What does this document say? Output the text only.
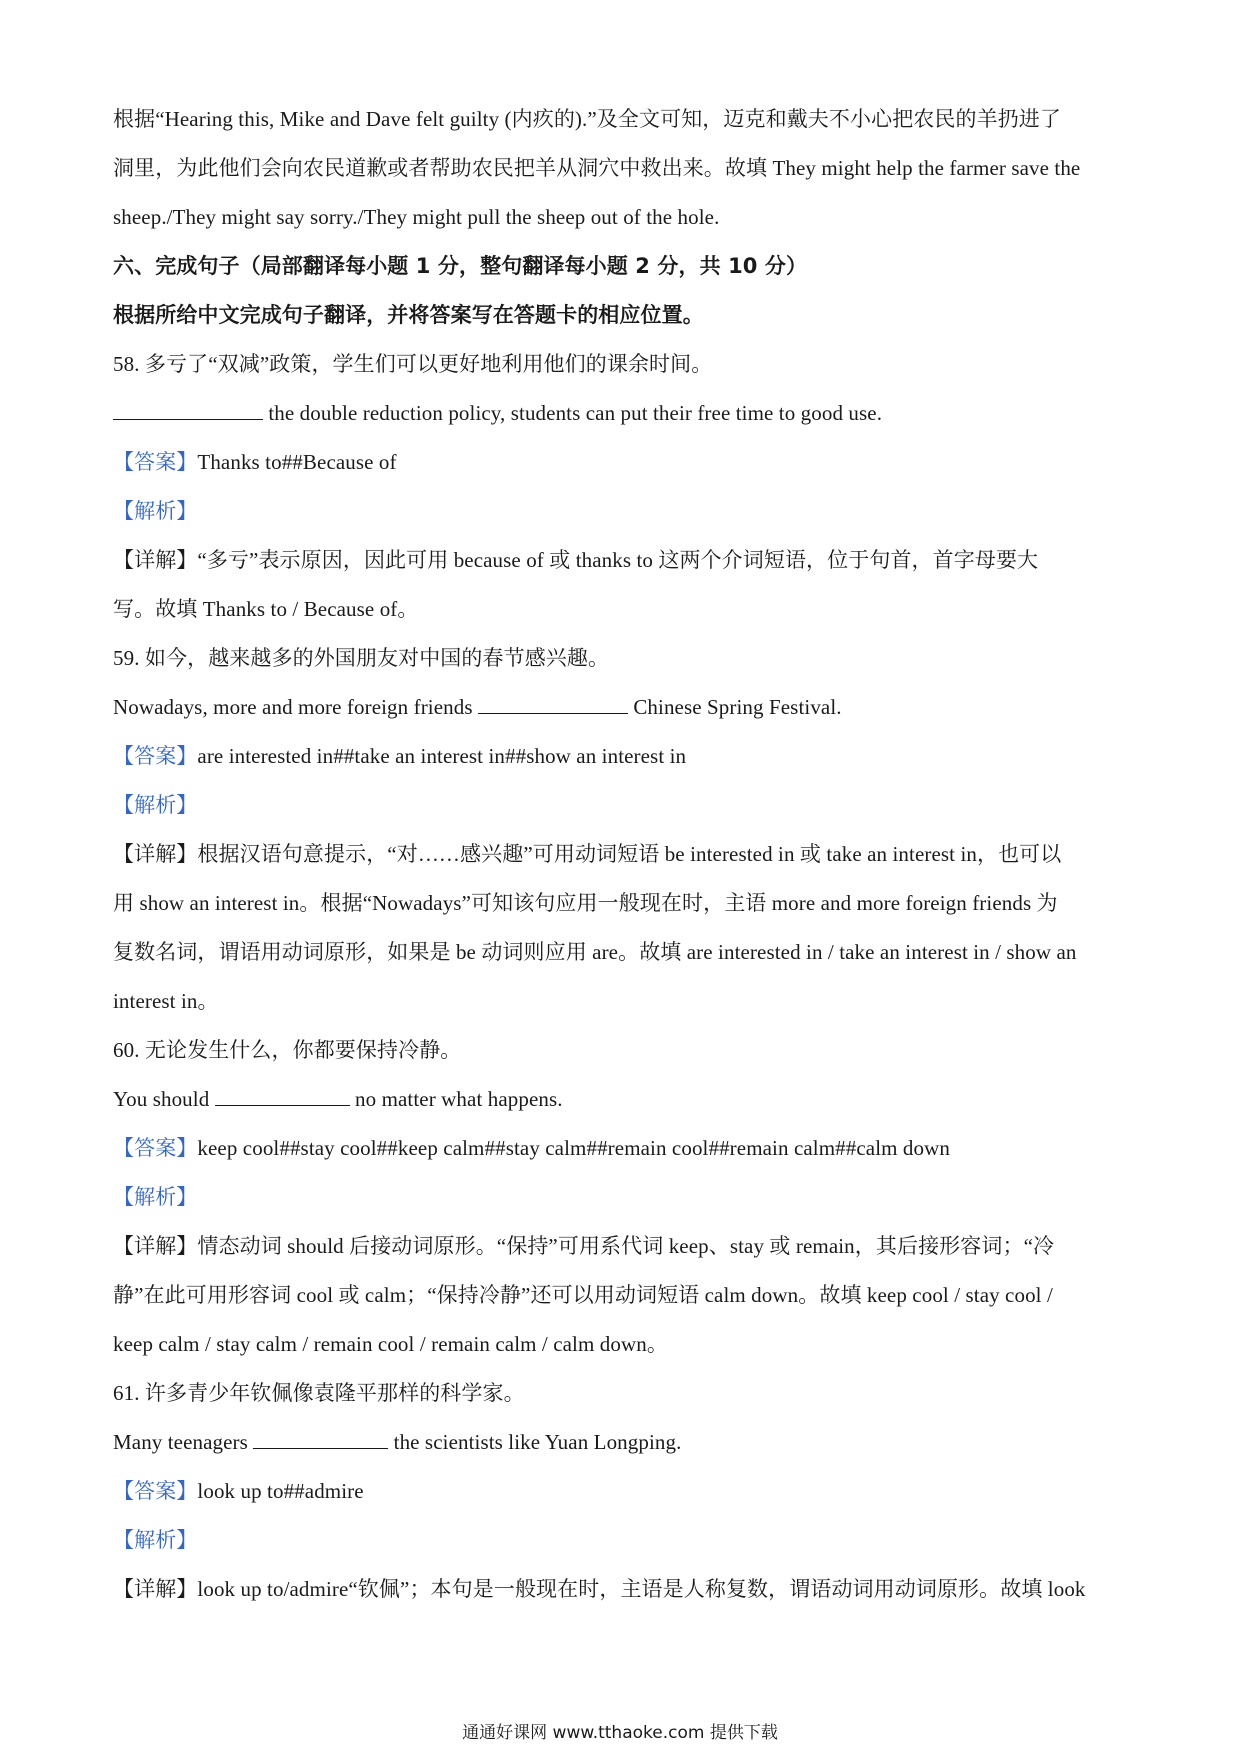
根据“Hearing this, Mike and Dave felt guilty (内疚的).”及全文可知，迈克和戴夫不小心把农民的羊扔进了
洞里，为此他们会向农民道歉或者帮助农民把羊从洞穴中救出来。故填 They might help the farmer save the
sheep./They might say sorry./They might pull the sheep out of the hole.
六、完成句子（局部翻译每小题 1 分，整句翻译每小题 2 分，共 10 分）
根据所给中文完成句子翻译，并将答案写在答题卡的相应位置。
58. 多亏了“双减”政策，学生们可以更好地利用他们的课余时间。
the double reduction policy, students can put their free time to good use.
【答案】Thanks to##Because of
【解析】
【详解】“多亏”表示原因，因此可用 because of 或 thanks to 这两个介词短语，位于句首，首字母要大
写。故填 Thanks to / Because of。
59. 如今，越来越多的外国朋友对中国的春节感兴趣。
Nowadays, more and more foreign friends	Chinese Spring Festival.
【答案】are interested in##take an interest in##show an interest in
【解析】
【详解】根据汉语句意提示，“对……感兴趣”可用动词短语 be interested in 或 take an interest in，也可以
用 show an interest in。根据“Nowadays”可知该句应用一般现在时，主语 more and more foreign friends 为
复数名词，谓语用动词原形，如果是 be 动词则应用 are。故填 are interested in / take an interest in / show an
interest in。
60. 无论发生什么，你都要保持冷静。
You should	no matter what happens.
【答案】keep cool##stay cool##keep calm##stay calm##remain cool##remain calm##calm down
【解析】
【详解】情态动词 should 后接动词原形。“保持”可用系代词 keep、stay 或 remain，其后接形容词；“冷
静”在此可用形容词 cool 或 calm；“保持冷静”还可以用动词短语 calm down。故填 keep cool / stay cool /
keep calm / stay calm / remain cool / remain calm / calm down。
61. 许多青少年钦佩像袁隆平那样的科学家。
Many teenagers	the scientists like Yuan Longping.
【答案】look up to##admire
【解析】
【详解】look up to/admire“钦佩”；本句是一般现在时，主语是人称复数，谓语动词用动词原形。故填 look
通通好课网 www.tthaoke.com 提供下载
